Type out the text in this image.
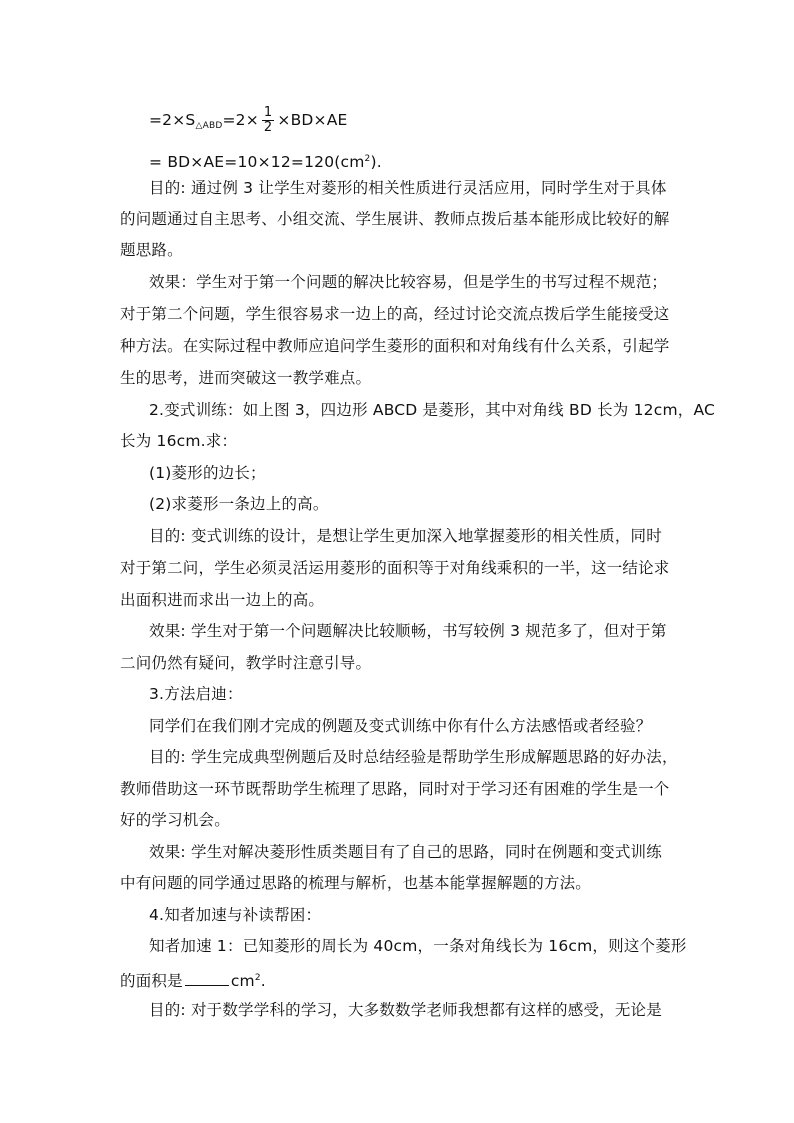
$=2\times S_{\triangle ABD}=2\times \frac{1}{2} \times BD\times AE$
= $BD\times AE=10\times 12=120(cm^2)$.
目的: 通过例 3 让学生对菱形的相关性质进行灵活应用，同时学生对于具体
的问题通过自主思考、小组交流、学生展讲、教师点拨后基本能形成比较好的解
题思路。
效果：学生对于第一个问题的解决比较容易，但是学生的书写过程不规范；
对于第二个问题，学生很容易求一边上的高，经过讨论交流点拨后学生能接受这
种方法。在实际过程中教师应追问学生菱形的面积和对角线有什么关系，引起学
生的思考，进而突破这一教学难点。
2.变式训练：如上图 3，四边形 ABCD 是菱形，其中对角线 BD 长为 12cm，AC
长为 16cm.求：
(1)菱形的边长；
(2)求菱形一条边上的高。
目的: 变式训练的设计，是想让学生更加深入地掌握菱形的相关性质，同时
对于第二问，学生必须灵活运用菱形的面积等于对角线乘积的一半，这一结论求
出面积进而求出一边上的高。
效果: 学生对于第一个问题解决比较顺畅，书写较例 3 规范多了，但对于第
二问仍然有疑问，教学时注意引导。
3.方法启迪：
同学们在我们刚才完成的例题及变式训练中你有什么方法感悟或者经验？
目的: 学生完成典型例题后及时总结经验是帮助学生形成解题思路的好办法，
教师借助这一环节既帮助学生梳理了思路，同时对于学习还有困难的学生是一个
好的学习机会。
效果: 学生对解决菱形性质类题目有了自己的思路，同时在例题和变式训练
中有问题的同学通过思路的梳理与解析，也基本能掌握解题的方法。
4.知者加速与补读帮困：
知者加速 1：已知菱形的周长为 40cm，一条对角线长为 16cm，则这个菱形
的面积是	$cm^2$.
目的: 对于数学学科的学习，大多数数学老师我想都有这样的感受，无论是
